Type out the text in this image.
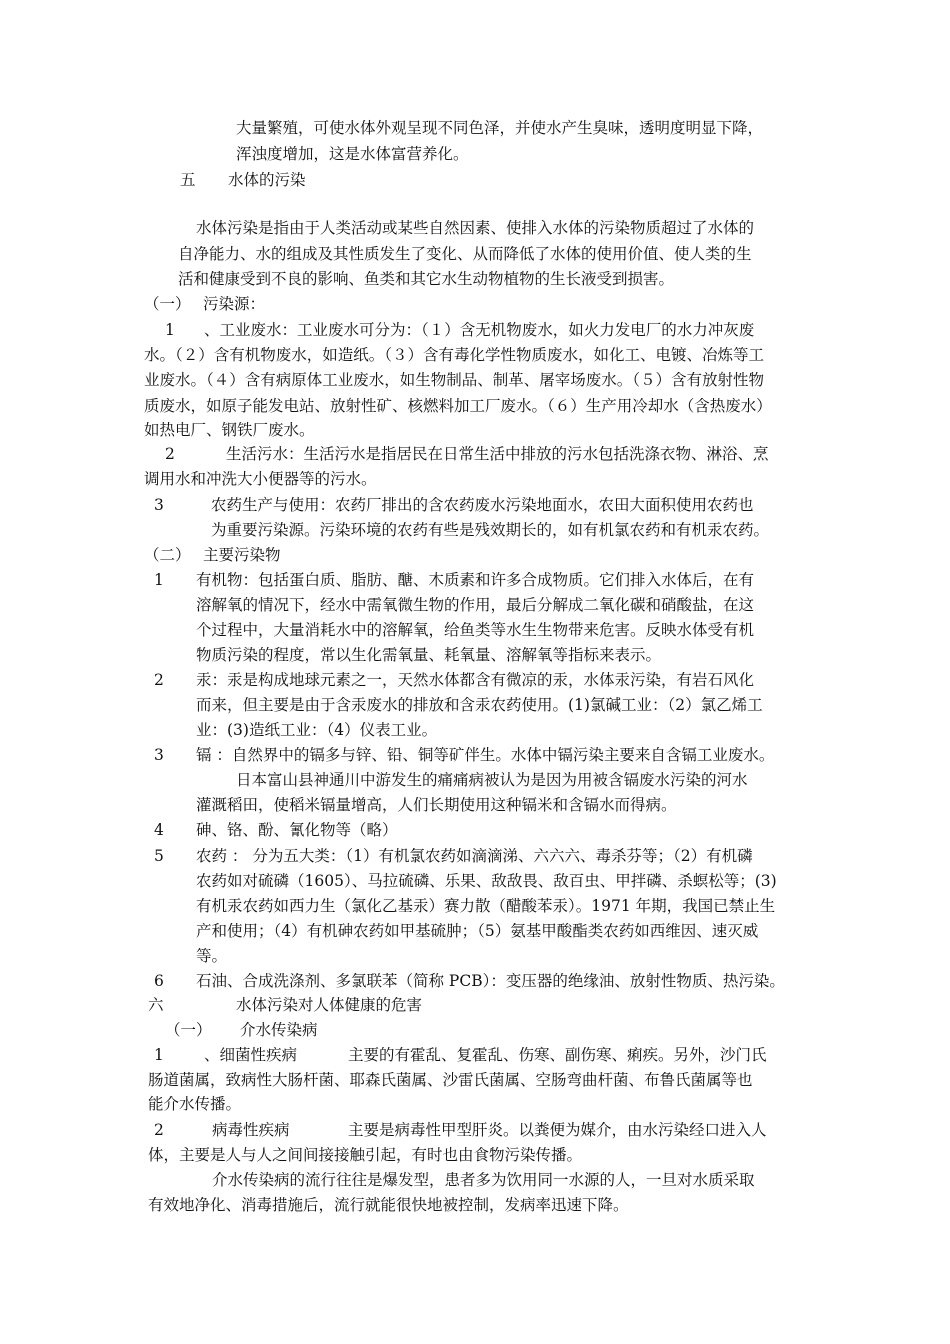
大量繁殖，可使水体外观呈现不同色泽，并使水产生臭味，透明度明显下降，
浑浊度增加，这是水体富营养化。
五 水体的污染
水体污染是指由于人类活动或某些自然因素、使排入水体的污染物质超过了水体的
自净能力、水的组成及其性质发生了变化、从而降低了水体的使用价值、使人类的生
活和健康受到不良的影响、鱼类和其它水生动物植物的生长液受到损害。
（一） 污染源：
1 、工业废水：工业废水可分为：（１）含无机物废水，如火力发电厂的水力冲灰废
水。（２）含有机物废水，如造纸。（３）含有毒化学性物质废水，如化工、电镀、冶炼等工
业废水。（４）含有病原体工业废水，如生物制品、制革、屠宰场废水。（５）含有放射性物
质废水，如原子能发电站、放射性矿、核燃料加工厂废水。（６）生产用冷却水（含热废水）
如热电厂、钢铁厂废水。
2	生活污水：生活污水是指居民在日常生活中排放的污水包括洗涤衣物、淋浴、烹
调用水和冲洗大小便器等的污水。
3	农药生产与使用：农药厂排出的含农药废水污染地面水，农田大面积使用农药也
为重要污染源。污染环境的农药有些是残效期长的，如有机氯农药和有机汞农药。
（二） 主要污染物
1 有机物：包括蛋白质、脂肪、醣、木质素和许多合成物质。它们排入水体后，在有
溶解氧的情况下，经水中需氧微生物的作用，最后分解成二氧化碳和硝酸盐，在这
个过程中，大量消耗水中的溶解氧，给鱼类等水生生物带来危害。反映水体受有机
物质污染的程度，常以生化需氧量、耗氧量、溶解氧等指标来表示。
2 汞：汞是构成地球元素之一，天然水体都含有微凉的汞，水体汞污染，有岩石风化
而来，但主要是由于含汞废水的排放和含汞农药使用。(1)氯碱工业：（2）氯乙烯工
业：(3)造纸工业：（4）仪表工业。
3 镉 ：自然界中的镉多与锌、铅、铜等矿伴生。水体中镉污染主要来自含镉工业废水。
日本富山县神通川中游发生的痛痛病被认为是因为用被含镉废水污染的河水
灌溉稻田，使稻米镉量增高，人们长期使用这种镉米和含镉水而得病。
4 砷、铬、酚、氰化物等（略）
5 农药 ： 分为五大类：（1）有机氯农药如滴滴涕、六六六、毒杀芬等；（2）有机磷
农药如对硫磷（1605）、马拉硫磷、乐果、敌敌畏、敌百虫、甲拌磷、杀螟松等；(3)
有机汞农药如西力生（氯化乙基汞）赛力散（醋酸苯汞）。1971 年期，我国已禁止生
产和使用；（4）有机砷农药如甲基硫肿；（5）氨基甲酸酯类农药如西维因、速灭威
等。
6 石油、合成洗涤剂、多氯联苯（简称 PCB）：变压器的绝缘油、放射性物质、热污染。
六	水体污染对人体健康的危害
（一） 介水传染病
1	、细菌性疾病	主要的有霍乱、复霍乱、伤寒、副伤寒、痢疾。另外，沙门氏
肠道菌属，致病性大肠杆菌、耶森氏菌属、沙雷氏菌属、空肠弯曲杆菌、布鲁氏菌属等也
能介水传播。
2	病毒性疾病	主要是病毒性甲型肝炎。以粪便为媒介，由水污染经口进入人
体，主要是人与人之间间接接触引起，有时也由食物污染传播。
介水传染病的流行往往是爆发型，患者多为饮用同一水源的人，一旦对水质采取
有效地净化、消毒措施后，流行就能很快地被控制，发病率迅速下降。
